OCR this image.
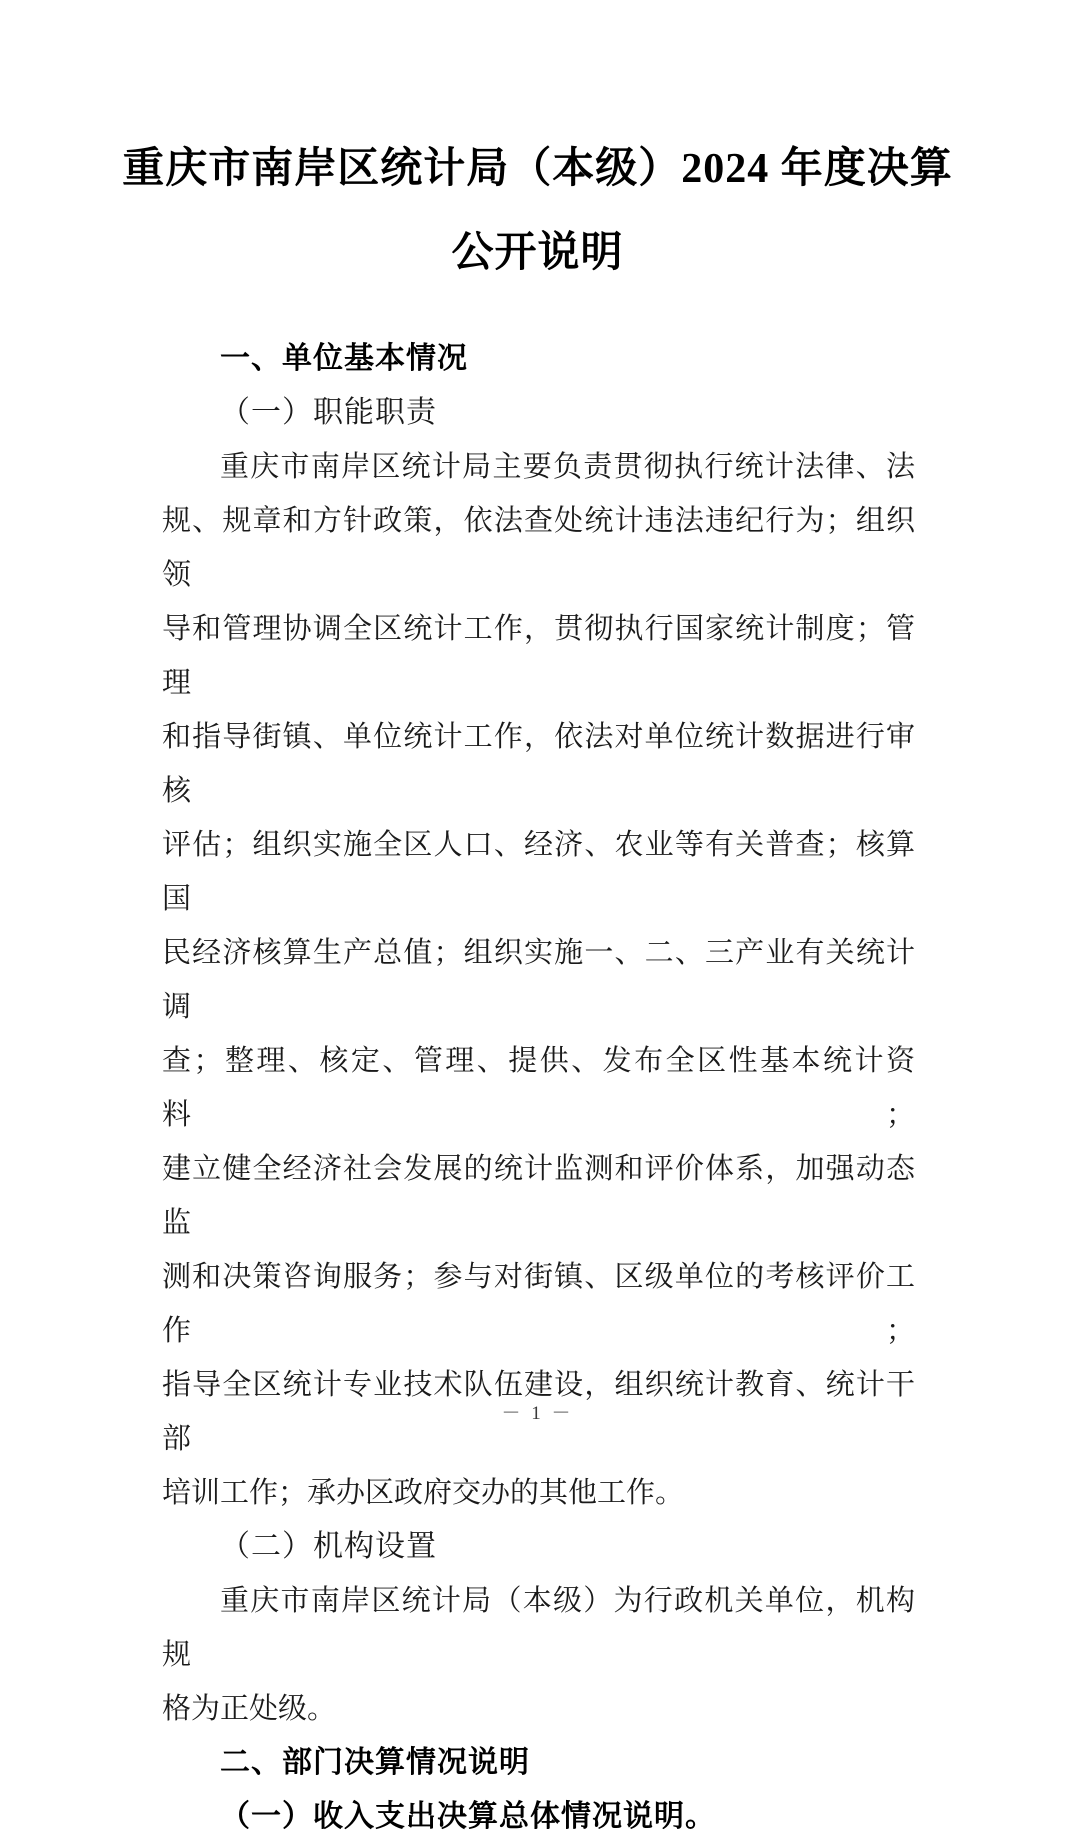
重庆市南岸区统计局（本级）2024 年度决算
公开说明
一、单位基本情况
（一）职能职责
重庆市南岸区统计局主要负责贯彻执行统计法律、法
规、规章和方针政策，依法查处统计违法违纪行为；组织领
导和管理协调全区统计工作，贯彻执行国家统计制度；管理
和指导街镇、单位统计工作，依法对单位统计数据进行审核
评估；组织实施全区人口、经济、农业等有关普查；核算国
民经济核算生产总值；组织实施一、二、三产业有关统计调
查；整理、核定、管理、提供、发布全区性基本统计资料；
建立健全经济社会发展的统计监测和评价体系，加强动态监
测和决策咨询服务；参与对街镇、区级单位的考核评价工作；
指导全区统计专业技术队伍建设，组织统计教育、统计干部
培训工作；承办区政府交办的其他工作。
（二）机构设置
重庆市南岸区统计局（本级）为行政机关单位，机构规
格为正处级。
二、部门决算情况说明
（一）收入支出决算总体情况说明。
－ 1 －
